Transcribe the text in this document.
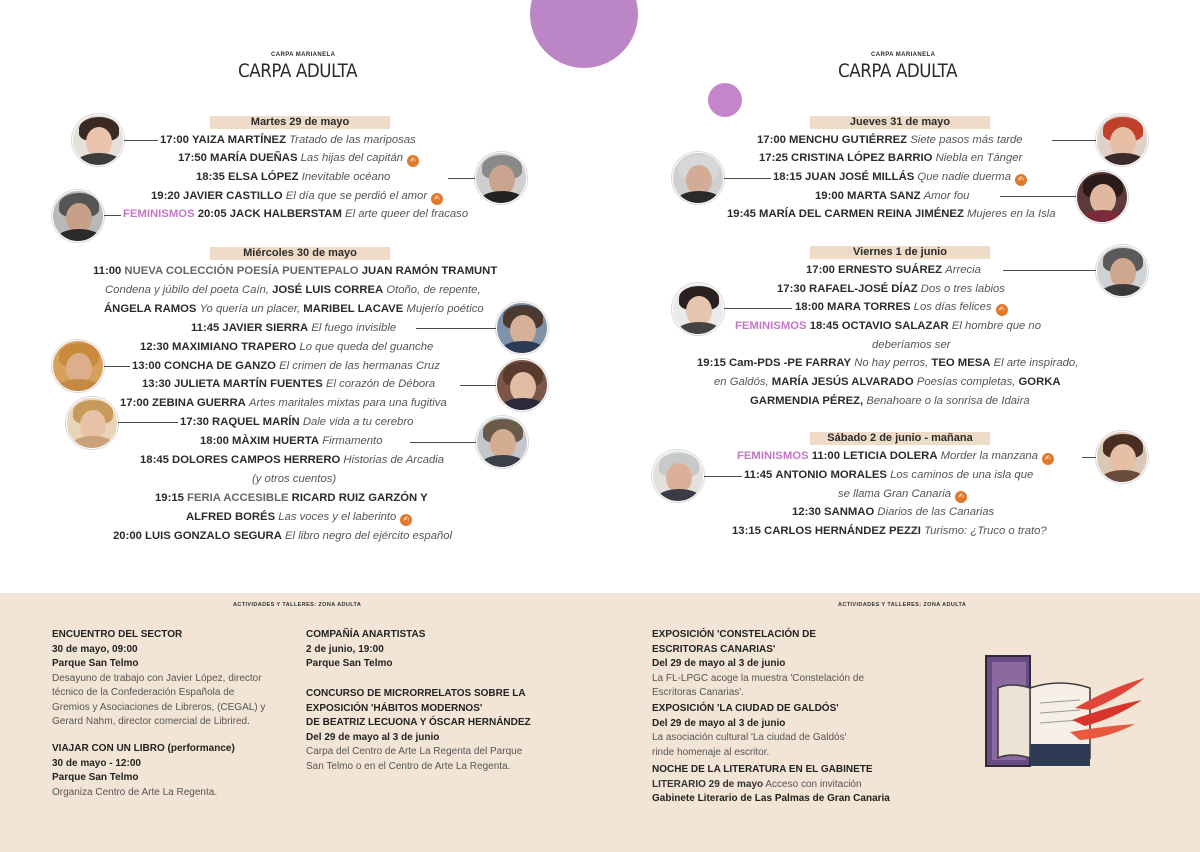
CARPA MARIANELA
CARPA ADULTA
Martes 29 de mayo
17:00 YAIZA MARTÍNEZ Tratado de las mariposas
17:50 MARÍA DUEÑAS Las hijas del capitán ✍
18:35 ELSA LÓPEZ Inevitable océano
19:20 JAVIER CASTILLO El día que se perdió el amor ✍
FEMINISMOS 20:05 JACK HALBERSTAM El arte queer del fracaso
Miércoles 30 de mayo
11:00 NUEVA COLECCIÓN POESÍA PUENTEPALO JUAN RAMÓN TRAMUNT
Condena y júbilo del poeta Caín, JOSÉ LUIS CORREA Otoño, de repente,
ÁNGELA RAMOS Yo quería un placer, MARIBEL LACAVE Mujerío poético
11:45 JAVIER SIERRA El fuego invisible
12:30 MAXIMIANO TRAPERO Lo que queda del guanche
13:00 CONCHA DE GANZO El crimen de las hermanas Cruz
13:30 JULIETA MARTÍN FUENTES El corazón de Débora
17:00 ZEBINA GUERRA Artes maritales mixtas para una fugitiva
17:30 RAQUEL MARÍN Dale vida a tu cerebro
18:00 MÀXIM HUERTA Firmamento
18:45 DOLORES CAMPOS HERRERO Historias de Arcadia
(y otros cuentos)
19:15 FERIA ACCESIBLE RICARD RUIZ GARZÓN Y
ALFRED BORÉS Las voces y el laberinto ✍
20:00 LUIS GONZALO SEGURA El libro negro del ejército español
CARPA MARIANELA
CARPA ADULTA
Jueves 31 de mayo
17:00 MENCHU GUTIÉRREZ Siete pasos más tarde
17:25 CRISTINA LÓPEZ BARRIO Niebla en Tánger
18:15 JUAN JOSÉ MILLÁS Que nadie duerma ✍
19:00 MARTA SANZ Amor fou
19:45 MARÍA DEL CARMEN REINA JIMÉNEZ Mujeres en la Isla
Viernes 1 de junio
17:00 ERNESTO SUÁREZ Arrecia
17:30 RAFAEL-JOSÉ DÍAZ Dos o tres labios
18:00 MARA TORRES Los días felices ✍
FEMINISMOS 18:45 OCTAVIO SALAZAR El hombre que no
deberíamos ser
19:15 Cam-PDS -PE FARRAY No hay perros, TEO MESA El arte inspirado,
en Galdós, MARÍA JESÚS ALVARADO Poesías completas, GORKA
GARMENDIA PÉREZ, Benahoare o la sonrisa de Idaira
Sábado 2 de junio - mañana
FEMINISMOS 11:00 LETICIA DOLERA Morder la manzana ✍
11:45 ANTONIO MORALES Los caminos de una isla que
se llama Gran Canaria ✍
12:30 SANMAO Diarios de las Canarias
13:15 CARLOS HERNÁNDEZ PEZZI Turismo: ¿Truco o trato?
ACTIVIDADES Y TALLERES: ZONA ADULTA	ACTIVIDADES Y TALLERES: ZONA ADULTA
ENCUENTRO DEL SECTOR
30 de mayo, 09:00
Parque San Telmo
Desayuno de trabajo con Javier López, director
técnico de la Confederación Española de
Gremios y Asociaciones de Libreros, (CEGAL) y
Gerard Nahm, director comercial de Librired.
VIAJAR CON UN LIBRO (performance)
30 de mayo - 12:00
Parque San Telmo
Organiza Centro de Arte La Regenta.
COMPAÑÍA ANARTISTAS
2 de junio, 19:00
Parque San Telmo
CONCURSO DE MICRORRELATOS SOBRE LA
EXPOSICIÓN 'HÁBITOS MODERNOS'
DE BEATRIZ LECUONA Y ÓSCAR HERNÁNDEZ
Del 29 de mayo al 3 de junio
Carpa del Centro de Arte La Regenta del Parque
San Telmo o en el Centro de Arte La Regenta.
EXPOSICIÓN 'CONSTELACIÓN DE
ESCRITORAS CANARIAS'
Del 29 de mayo al 3 de junio
La FL-LPGC acoge la muestra 'Constelación de
Escritoras Canarias'.
EXPOSICIÓN 'LA CIUDAD DE GALDÓS'
Del 29 de mayo al 3 de junio
La asociación cultural 'La ciudad de Galdós'
rinde homenaje al escritor.
NOCHE DE LA LITERATURA EN EL GABINETE
LITERARIO 29 de mayo Acceso con invitación
Gabinete Literario de Las Palmas de Gran Canaria
